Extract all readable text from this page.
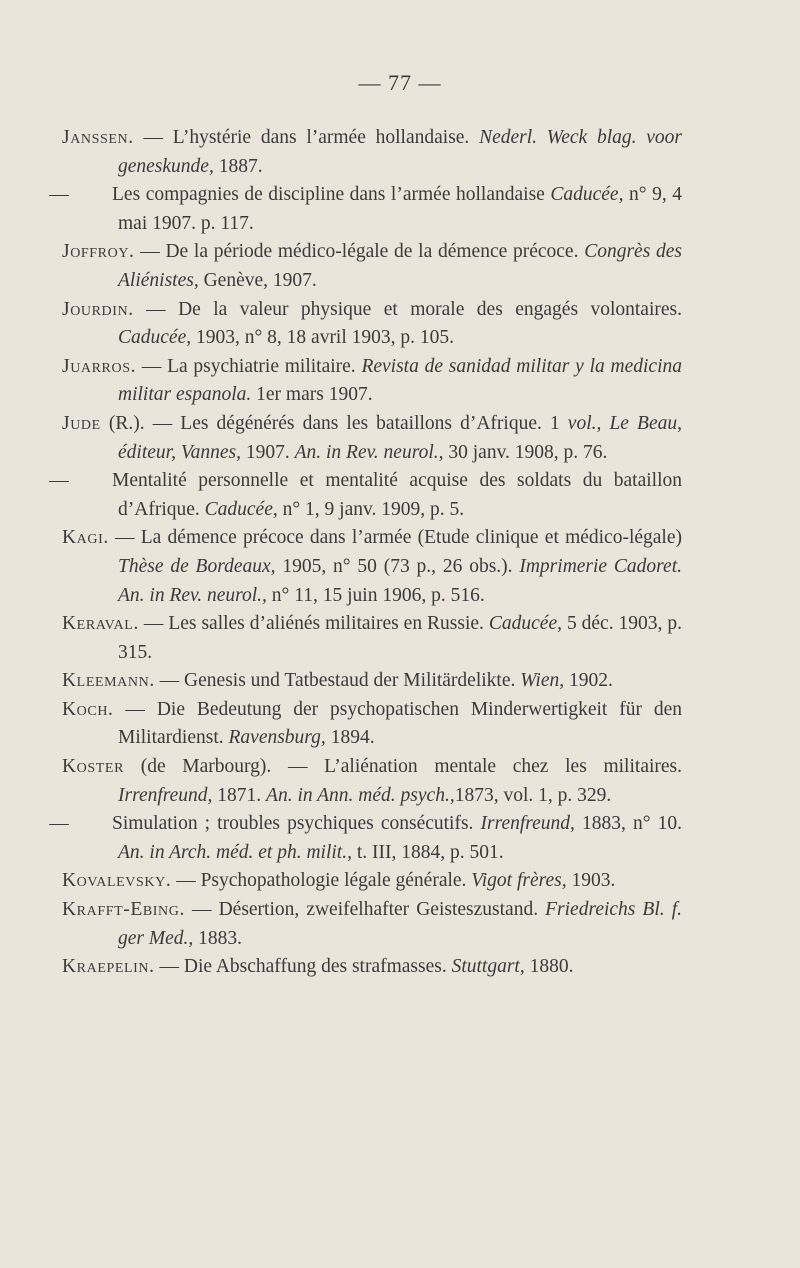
— 77 —
Janssen. — L’hystérie dans l’armée hollandaise. Nederl. Weck blag. voor geneskunde, 1887.
— Les compagnies de discipline dans l’armée hollandaise Caducée, n° 9, 4 mai 1907. p. 117.
Joffroy. — De la période médico-légale de la démence précoce. Congrès des Aliénistes, Genève, 1907.
Jourdin. — De la valeur physique et morale des engagés volontaires. Caducée, 1903, n° 8, 18 avril 1903, p. 105.
Juarros. — La psychiatrie militaire. Revista de sanidad militar y la medicina militar espanola. 1er mars 1907.
Jude (R.). — Les dégénérés dans les bataillons d’Afrique. 1 vol., Le Beau, éditeur, Vannes, 1907. An. in Rev. neurol., 30 janv. 1908, p. 76.
— Mentalité personnelle et mentalité acquise des soldats du bataillon d’Afrique. Caducée, n° 1, 9 janv. 1909, p. 5.
Kagi. — La démence précoce dans l’armée (Etude clinique et médico-légale) Thèse de Bordeaux, 1905, n° 50 (73 p., 26 obs.). Imprimerie Cadoret. An. in Rev. neurol., n° 11, 15 juin 1906, p. 516.
Keraval. — Les salles d’aliénés militaires en Russie. Caducée, 5 déc. 1903, p. 315.
Kleemann. — Genesis und Tatbestaud der Militärdelikte. Wien, 1902.
Koch. — Die Bedeutung der psychopatischen Minderwertigkeit für den Militardienst. Ravensburg, 1894.
Koster (de Marbourg). — L’aliénation mentale chez les militaires. Irrenfreund, 1871. An. in Ann. méd. psych.,1873, vol. 1, p. 329.
— Simulation ; troubles psychiques consécutifs. Irrenfreund, 1883, n° 10. An. in Arch. méd. et ph. milit., t. III, 1884, p. 501.
Kovalevsky. — Psychopathologie légale générale. Vigot frères, 1903.
Krafft-Ebing. — Désertion, zweifelhafter Geisteszustand. Friedreichs Bl. f. ger Med., 1883.
Kraepelin. — Die Abschaffung des strafmasses. Stuttgart, 1880.
